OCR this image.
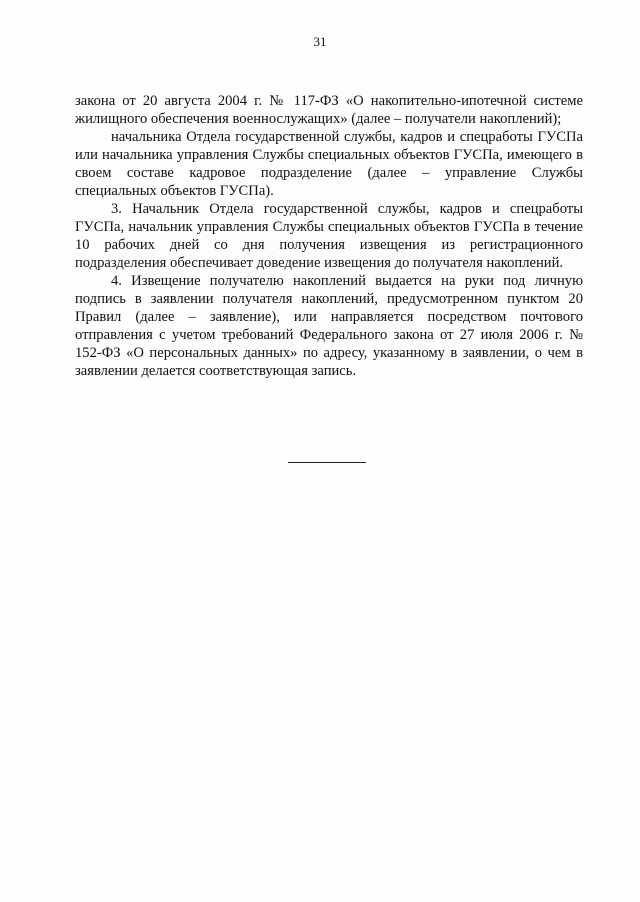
31

закона от 20 августа 2004 г. № 117-ФЗ «О накопительно-ипотечной системе жилищного обеспечения военнослужащих» (далее – получатели накоплений);

начальника Отдела государственной службы, кадров и спецработы ГУСПа или начальника управления Службы специальных объектов ГУСПа, имеющего в своем составе кадровое подразделение (далее – управление Службы специальных объектов ГУСПа).

3. Начальник Отдела государственной службы, кадров и спецработы ГУСПа, начальник управления Службы специальных объектов ГУСПа в течение 10 рабочих дней со дня получения извещения из регистрационного подразделения обеспечивает доведение извещения до получателя накоплений.

4. Извещение получателю накоплений выдается на руки под личную подпись в заявлении получателя накоплений, предусмотренном пунктом 20 Правил (далее – заявление), или направляется посредством почтового отправления с учетом требований Федерального закона от 27 июля 2006 г. № 152-ФЗ «О персональных данных» по адресу, указанному в заявлении, о чем в заявлении делается соответствующая запись.
